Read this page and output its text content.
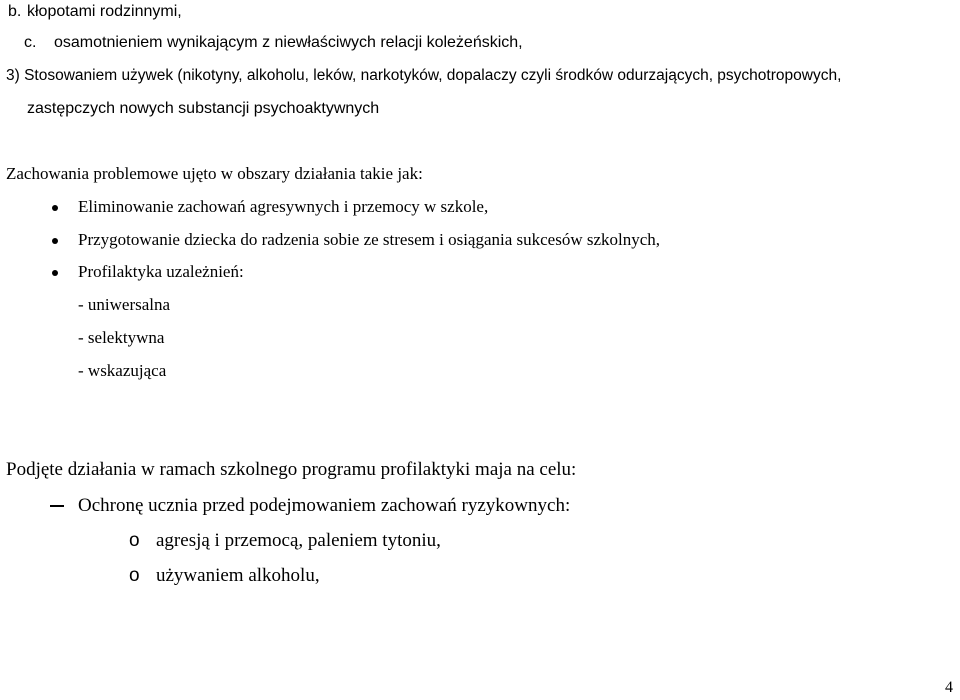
b. kłopotami rodzinnymi,
c. osamotnieniem wynikającym z niewłaściwych relacji koleżeńskich,
3) Stosowaniem używek (nikotyny, alkoholu, leków, narkotyków, dopalaczy czyli środków odurzających, psychotropowych,
zastępczych nowych substancji psychoaktywnych
Zachowania problemowe ujęto w obszary działania takie jak:
Eliminowanie zachowań agresywnych i przemocy w szkole,
Przygotowanie dziecka do radzenia sobie ze stresem i osiągania sukcesów szkolnych,
Profilaktyka uzależnień:
- uniwersalna
- selektywna
- wskazująca
Podjęte działania w ramach szkolnego programu profilaktyki maja na celu:
Ochronę ucznia przed podejmowaniem zachowań ryzykownych:
o agresją i przemocą, paleniem tytoniu,
o używaniem alkoholu,
4
